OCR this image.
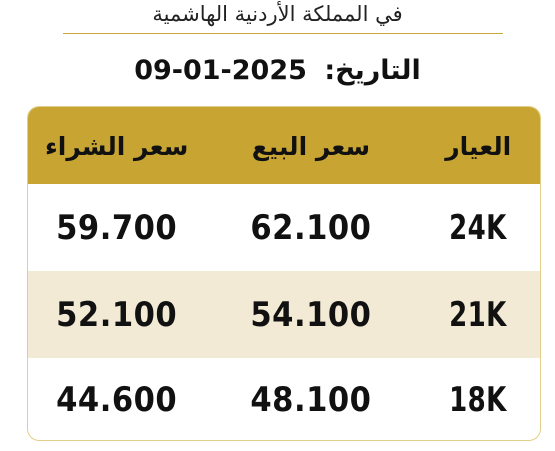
في المملكة الأردنية الهاشمية
التاريخ: 09-01-2025
العيار
سعر البيع
سعر الشراء
24K
62.100
59.700
21K
54.100
52.100
18K
48.100
44.600
